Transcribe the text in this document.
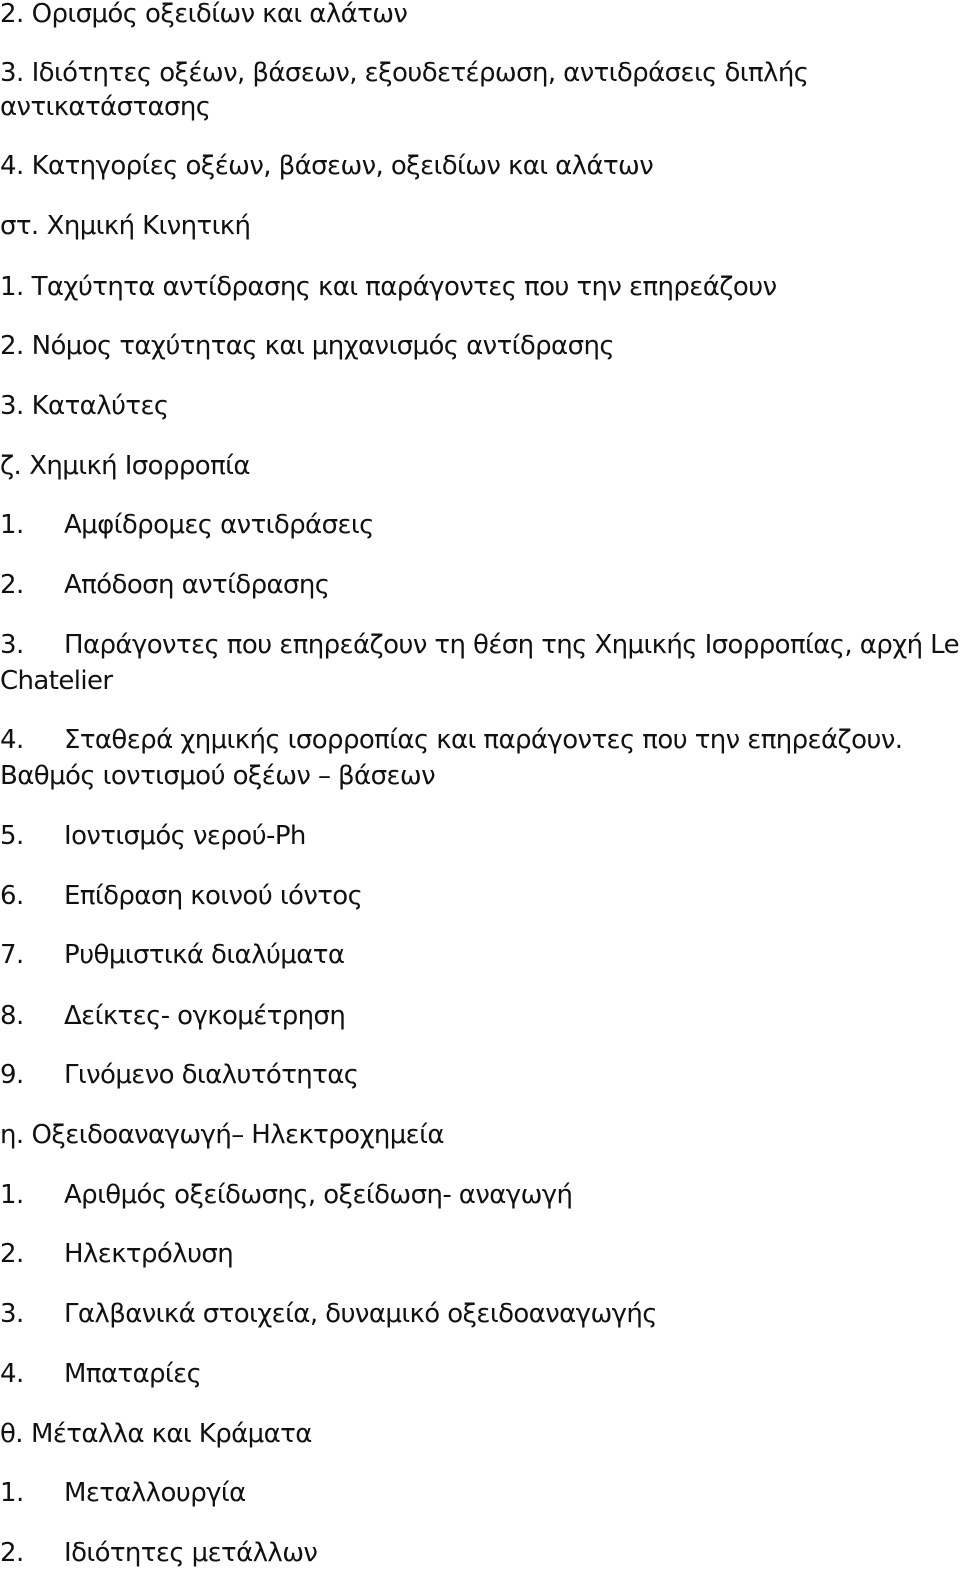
2. Ορισμός οξειδίων και αλάτων
3. Ιδιότητες οξέων, βάσεων, εξουδετέρωση, αντιδράσεις διπλής
αντικατάστασης
4. Κατηγορίες οξέων, βάσεων, οξειδίων και αλάτων
στ. Χημική Κινητική
1. Ταχύτητα αντίδρασης και παράγοντες που την επηρεάζουν
2. Νόμος ταχύτητας και μηχανισμός αντίδρασης
3. Καταλύτες
ζ. Χημική Ισορροπία
1. Αμφίδρομες αντιδράσεις
2. Απόδοση αντίδρασης
3. Παράγοντες που επηρεάζουν τη θέση της Χημικής Ισορροπίας, αρχή Le
Chatelier
4. Σταθερά χημικής ισορροπίας και παράγοντες που την επηρεάζουν.
Βαθμός ιοντισμού οξέων – βάσεων
5. Ιοντισμός νερού-Ph
6. Επίδραση κοινού ιόντος
7. Ρυθμιστικά διαλύματα
8. Δείκτες- ογκομέτρηση
9. Γινόμενο διαλυτότητας
η. Οξειδοαναγωγή– Ηλεκτροχημεία
1. Αριθμός οξείδωσης, οξείδωση- αναγωγή
2. Ηλεκτρόλυση
3. Γαλβανικά στοιχεία, δυναμικό οξειδοαναγωγής
4. Μπαταρίες
θ. Μέταλλα και Κράματα
1. Μεταλλουργία
2. Ιδιότητες μετάλλων
